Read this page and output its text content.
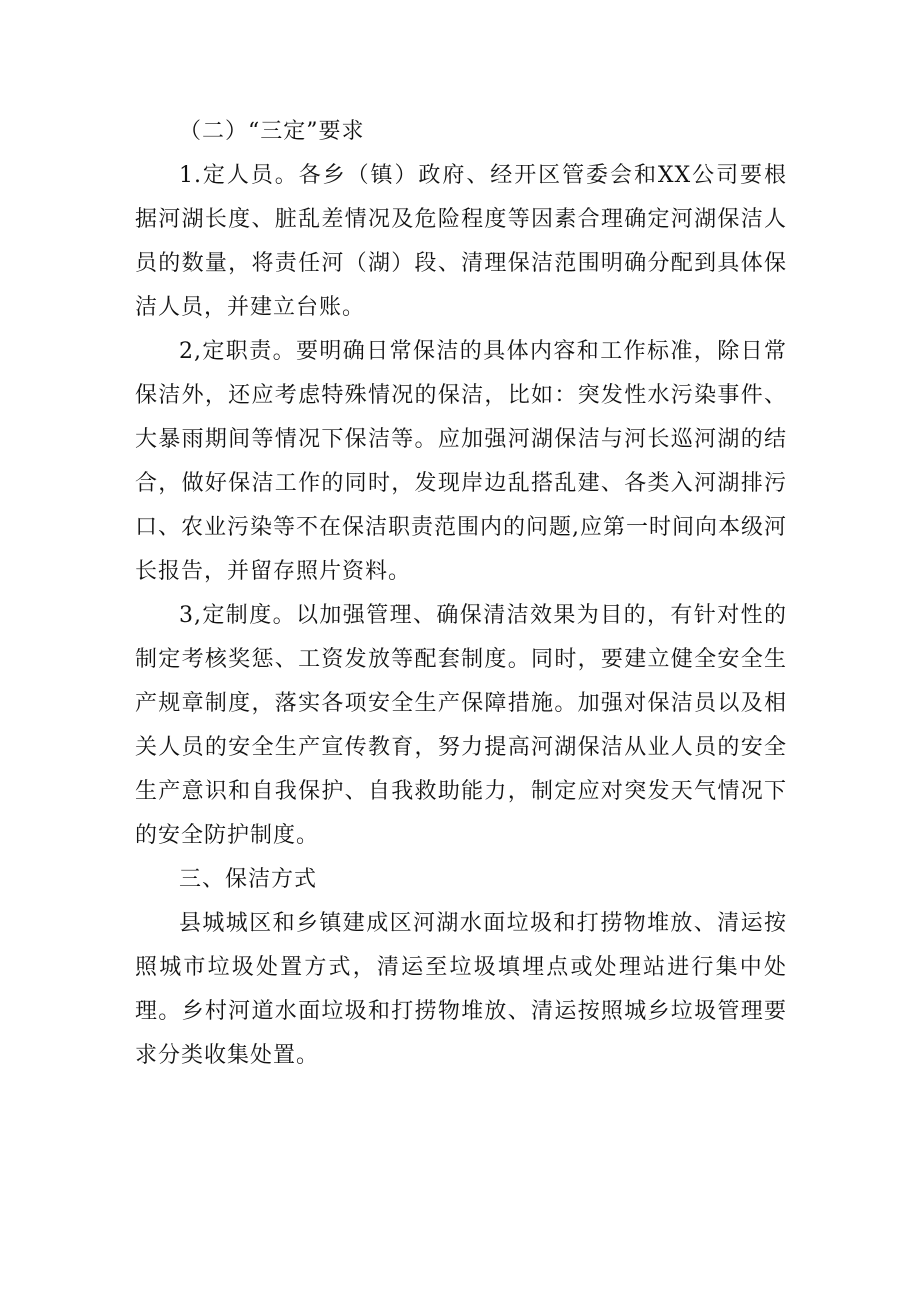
（二）“三定”要求

1.定人员。各乡（镇）政府、经开区管委会和XX公司要根据河湖长度、脏乱差情况及危险程度等因素合理确定河湖保洁人员的数量，将责任河（湖）段、清理保洁范围明确分配到具体保洁人员，并建立台账。

2,定职责。要明确日常保洁的具体内容和工作标准，除日常保洁外，还应考虑特殊情况的保洁，比如：突发性水污染事件、大暴雨期间等情况下保洁等。应加强河湖保洁与河长巡河湖的结合，做好保洁工作的同时，发现岸边乱搭乱建、各类入河湖排污口、农业污染等不在保洁职责范围内的问题,应第一时间向本级河长报告，并留存照片资料。

3,定制度。以加强管理、确保清洁效果为目的，有针对性的制定考核奖惩、工资发放等配套制度。同时，要建立健全安全生产规章制度，落实各项安全生产保障措施。加强对保洁员以及相关人员的安全生产宣传教育，努力提高河湖保洁从业人员的安全生产意识和自我保护、自我救助能力，制定应对突发天气情况下的安全防护制度。

三、保洁方式

县城城区和乡镇建成区河湖水面垃圾和打捞物堆放、清运按照城市垃圾处置方式，清运至垃圾填埋点或处理站进行集中处理。乡村河道水面垃圾和打捞物堆放、清运按照城乡垃圾管理要求分类收集处置。
